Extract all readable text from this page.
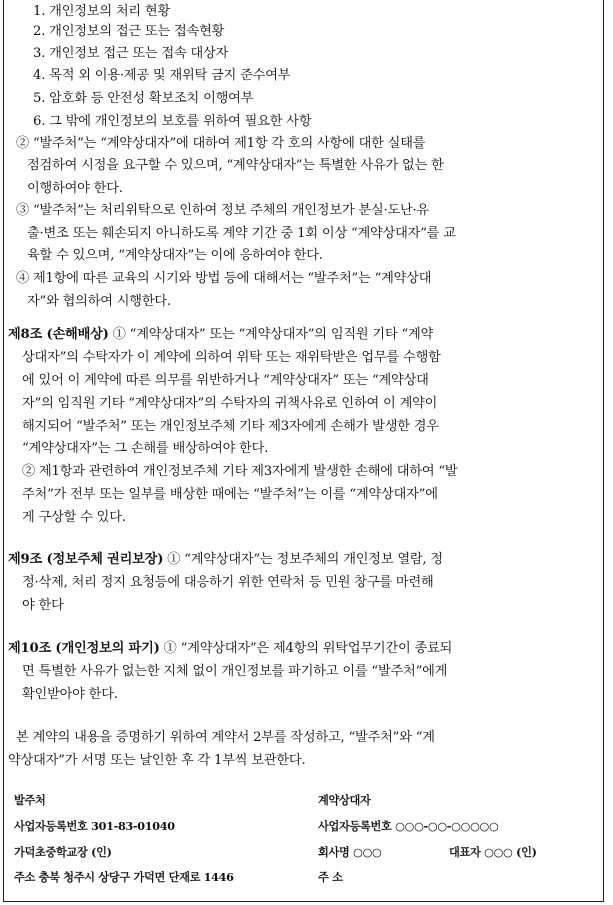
1. 개인정보의 처리 현황
2. 개인정보의 접근 또는 접속현황
3. 개인정보 접근 또는 접속 대상자
4. 목적 외 이용·제공 및 재위탁 금지 준수여부
5. 암호화 등 안전성 확보조치 이행여부
6. 그 밖에 개인정보의 보호를 위하여 필요한 사항
② “발주처”는 “계약상대자”에 대하여 제1항 각 호의 사항에 대한 실태를
점검하여 시정을 요구할 수 있으며, “계약상대자”는 특별한 사유가 없는 한
이행하여야 한다.
③ “발주처”는 처리위탁으로 인하여 정보 주체의 개인정보가 분실·도난·유
출·변조 또는 훼손되지 아니하도록 계약 기간 중 1회 이상 “계약상대자”를 교
육할 수 있으며, “계약상대자”는 이에 응하여야 한다.
④ 제1항에 따른 교육의 시기와 방법 등에 대해서는 “발주처”는 “계약상대
자”와 협의하여 시행한다.
제8조 (손해배상) ① “계약상대자” 또는 “계약상대자”의 임직원 기타 “계약
상대자”의 수탁자가 이 계약에 의하여 위탁 또는 재위탁받은 업무를 수행함
에 있어 이 계약에 따른 의무를 위반하거나 “계약상대자” 또는 “계약상대
자”의 임직원 기타 “계약상대자”의 수탁자의 귀책사유로 인하여 이 계약이
해지되어 “발주처” 또는 개인정보주체 기타 제3자에게 손해가 발생한 경우
“계약상대자”는 그 손해를 배상하여야 한다.
② 제1항과 관련하여 개인정보주체 기타 제3자에게 발생한 손해에 대하여 “발
주처”가 전부 또는 일부를 배상한 때에는 “발주처”는 이를 “계약상대자”에
게 구상할 수 있다.
제9조 (정보주체 권리보장) ① “계약상대자”는 정보주체의 개인정보 열람, 정
정·삭제, 처리 정지 요청등에 대응하기 위한 연락처 등 민원 창구를 마련해
야 한다
제10조 (개인정보의 파기) ① “계약상대자”은 제4항의 위탁업무기간이 종료되
면 특별한 사유가 없는한 지체 없이 개인정보를 파기하고 이를 “발주처”에게
확인받아야 한다.
본 계약의 내용을 증명하기 위하여 계약서 2부를 작성하고, “발주처”와 “계
약상대자”가 서명 또는 날인한 후 각 1부씩 보관한다.
발주처
사업자등록번호 301-83-01040
가덕초중학교장 (인)
주소 충북 청주시 상당구 가덕면 단재로 1446
계약상대자
사업자등록번호 ○○○-○○-○○○○○
회사명 ○○○	대표자 ○○○ (인)
주 소
